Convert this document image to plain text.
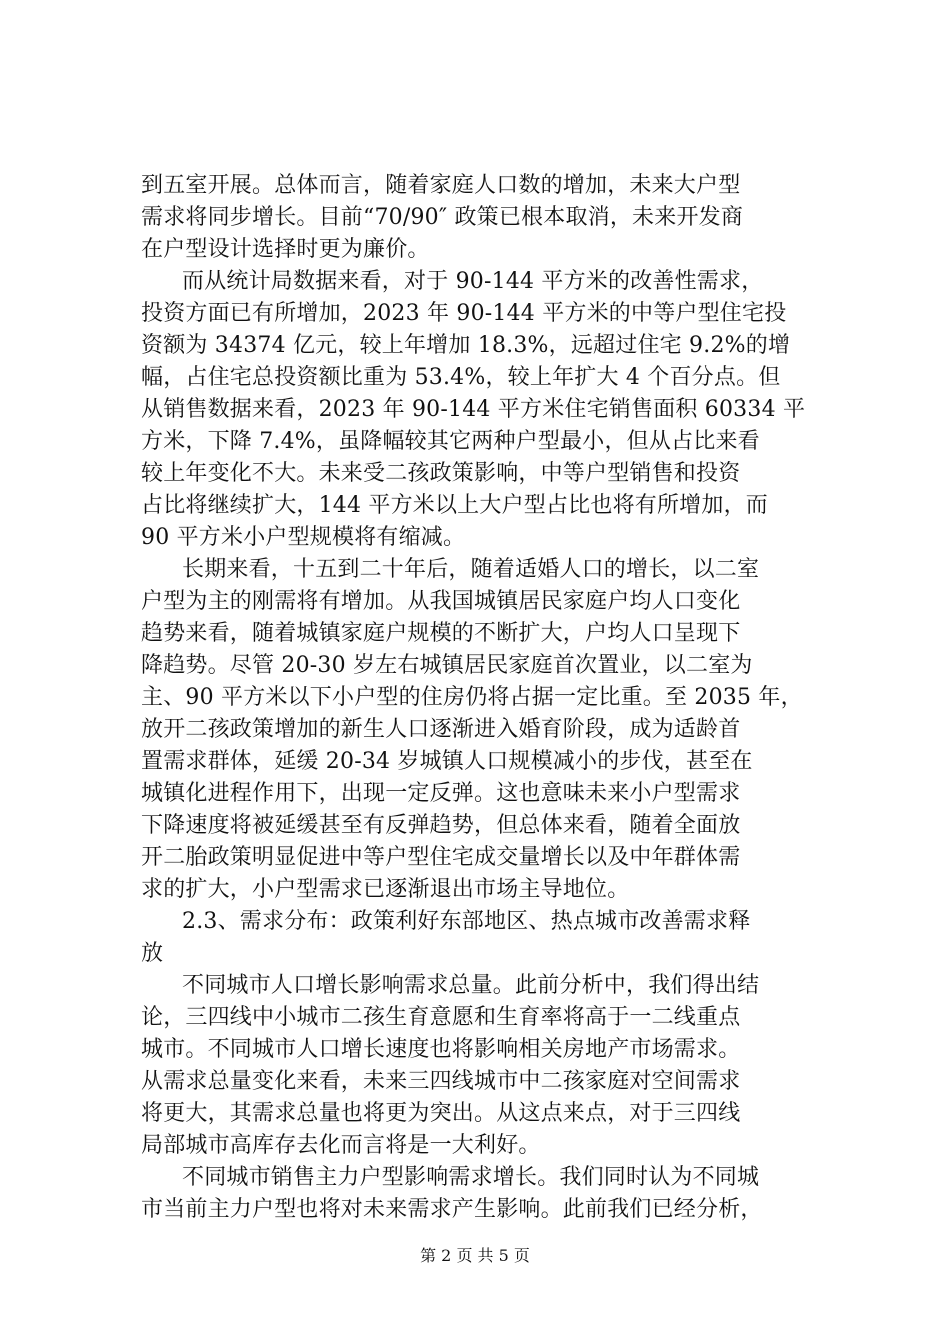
到五室开展。总体而言，随着家庭人口数的增加，未来大户型
需求将同步增长。目前“70/90″ 政策已根本取消，未来开发商
在户型设计选择时更为廉价。
而从统计局数据来看，对于 90-144 平方米的改善性需求，
投资方面已有所增加，2023 年 90-144 平方米的中等户型住宅投
资额为 34374 亿元，较上年增加 18.3%，远超过住宅 9.2%的增
幅，占住宅总投资额比重为 53.4%，较上年扩大 4 个百分点。但
从销售数据来看，2023 年 90-144 平方米住宅销售面积 60334 平
方米，下降 7.4%，虽降幅较其它两种户型最小，但从占比来看
较上年变化不大。未来受二孩政策影响，中等户型销售和投资
占比将继续扩大，144 平方米以上大户型占比也将有所增加，而
90 平方米小户型规模将有缩减。
长期来看，十五到二十年后，随着适婚人口的增长，以二室
户型为主的刚需将有增加。从我国城镇居民家庭户均人口变化
趋势来看，随着城镇家庭户规模的不断扩大，户均人口呈现下
降趋势。尽管 20-30 岁左右城镇居民家庭首次置业，以二室为
主、90 平方米以下小户型的住房仍将占据一定比重。至 2035 年，
放开二孩政策增加的新生人口逐渐进入婚育阶段，成为适龄首
置需求群体，延缓 20-34 岁城镇人口规模减小的步伐，甚至在
城镇化进程作用下，出现一定反弹。这也意味未来小户型需求
下降速度将被延缓甚至有反弹趋势，但总体来看，随着全面放
开二胎政策明显促进中等户型住宅成交量增长以及中年群体需
求的扩大，小户型需求已逐渐退出市场主导地位。
2.3、需求分布：政策利好东部地区、热点城市改善需求释
放
不同城市人口增长影响需求总量。此前分析中，我们得出结
论，三四线中小城市二孩生育意愿和生育率将高于一二线重点
城市。不同城市人口增长速度也将影响相关房地产市场需求。
从需求总量变化来看，未来三四线城市中二孩家庭对空间需求
将更大，其需求总量也将更为突出。从这点来点，对于三四线
局部城市高库存去化而言将是一大利好。
不同城市销售主力户型影响需求增长。我们同时认为不同城
市当前主力户型也将对未来需求产生影响。此前我们已经分析，
第 2 页 共 5 页
